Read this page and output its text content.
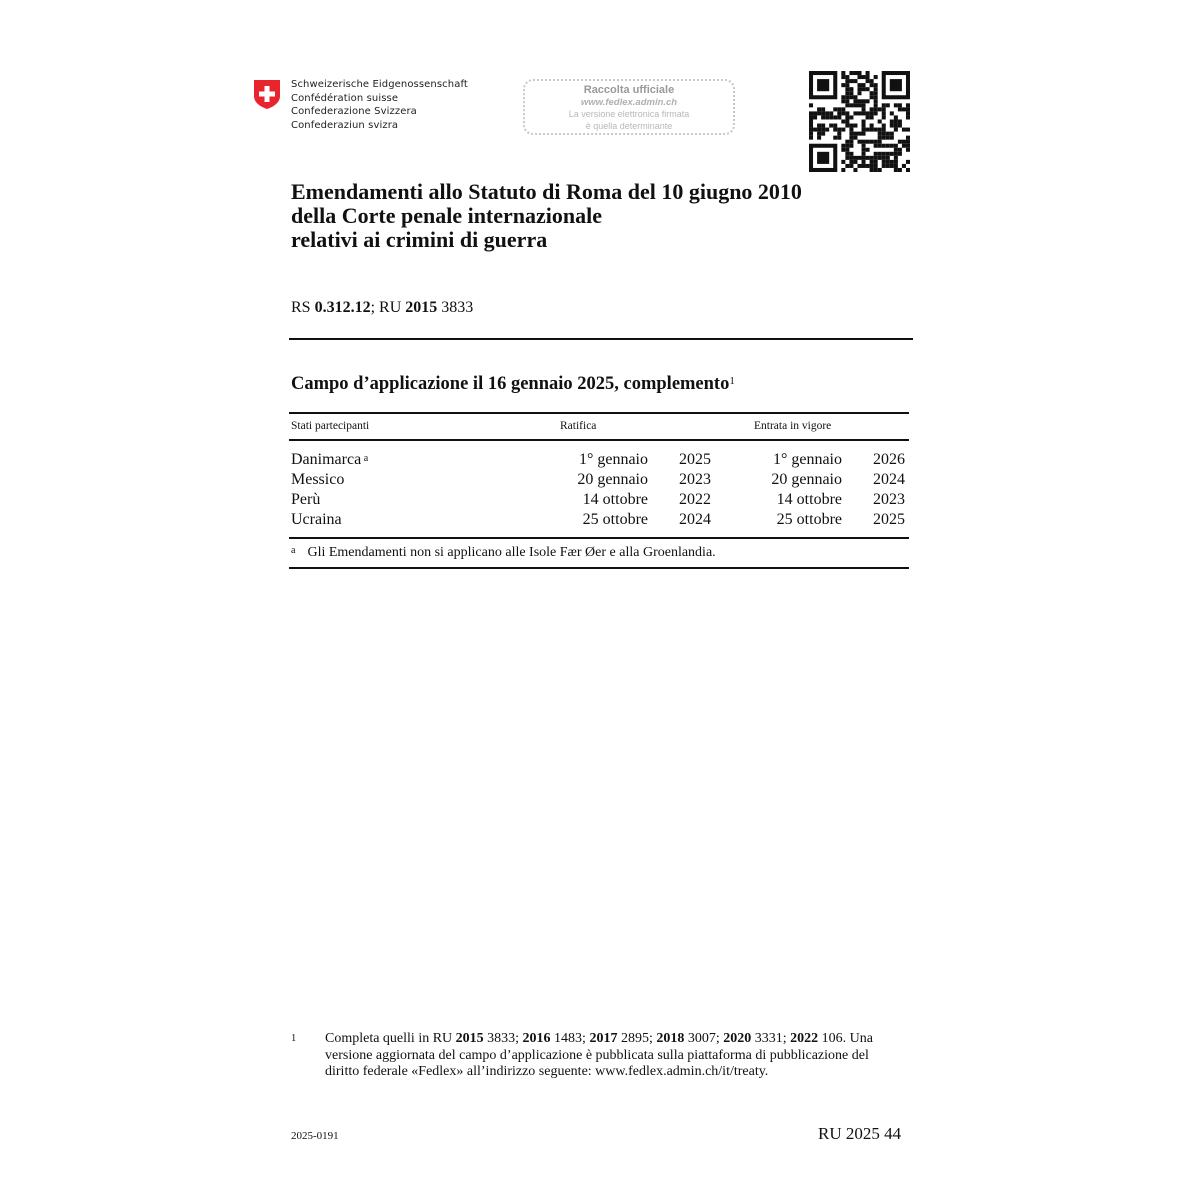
Schweizerische Eidgenossenschaft
Confédération suisse
Confederazione Svizzera
Confederaziun svizra
Raccolta ufficiale
www.fedlex.admin.ch
La versione elettronica firmata
è quella determinante
Emendamenti allo Statuto di Roma del 10 giugno 2010
della Corte penale internazionale
relativi ai crimini di guerra
RS 0.312.12; RU 2015 3833
Campo d’applicazione il 16 gennaio 2025, complemento$^1$
Stati partecipanti	Ratifica	Entrata in vigore
Danimarca $^a$	1° gennaio	2025	1° gennaio	2026
Messico	20 gennaio	2023	20 gennaio	2024
Perù	14 ottobre	2022	14 ottobre	2023
Ucraina	25 ottobre	2024	25 ottobre	2025
$^a$ Gli Emendamenti non si applicano alle Isole Fær Øer e alla Groenlandia.
1 Completa quelli in RU 2015 3833; 2016 1483; 2017 2895; 2018 3007; 2020 3331; 2022 106. Una versione aggiornata del campo d’applicazione è pubblicata sulla piattaforma di pubblicazione del diritto federale «Fedlex» all’indirizzo seguente: www.fedlex.admin.ch/it/treaty.
2025-0191	RU 2025 44
